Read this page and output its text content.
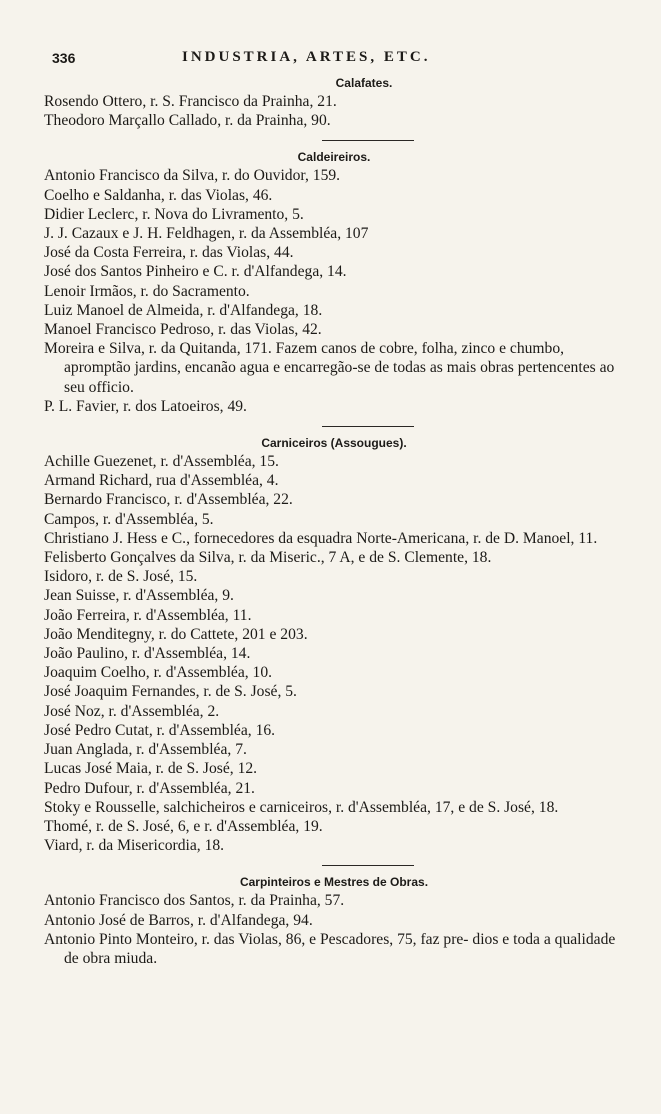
336	INDUSTRIA, ARTES, ETC.
Calafates.
Rosendo Ottero, r. S. Francisco da Prainha, 21.
Theodoro Marçallo Callado, r. da Prainha, 90.
Caldeireiros.
Antonio Francisco da Silva, r. do Ouvidor, 159.
Coelho e Saldanha, r. das Violas, 46.
Didier Leclerc, r. Nova do Livramento, 5.
J. J. Cazaux e J. H. Feldhagen, r. da Assembléa, 107
José da Costa Ferreira, r. das Violas, 44.
José dos Santos Pinheiro e C. r. d'Alfandega, 14.
Lenoir Irmãos, r. do Sacramento.
Luiz Manoel de Almeida, r. d'Alfandega, 18.
Manoel Francisco Pedroso, r. das Violas, 42.
Moreira e Silva, r. da Quitanda, 171. Fazem canos de cobre, folha, zinco e chumbo, apromptão jardins, encanão agua e encarregão-se de todas as mais obras pertencentes ao seu officio.
P. L. Favier, r. dos Latoeiros, 49.
Carniceiros (Assougues).
Achille Guezenet, r. d'Assembléa, 15.
Armand Richard, rua d'Assembléa, 4.
Bernardo Francisco, r. d'Assembléa, 22.
Campos, r. d'Assembléa, 5.
Christiano J. Hess e C., fornecedores da esquadra Norte-Americana, r. de D. Manoel, 11.
Felisberto Gonçalves da Silva, r. da Miseric., 7 A, e de S. Clemente, 18.
Isidoro, r. de S. José, 15.
Jean Suisse, r. d'Assembléa, 9.
João Ferreira, r. d'Assembléa, 11.
João Menditegny, r. do Cattete, 201 e 203.
João Paulino, r. d'Assembléa, 14.
Joaquim Coelho, r. d'Assembléa, 10.
José Joaquim Fernandes, r. de S. José, 5.
José Noz, r. d'Assembléa, 2.
José Pedro Cutat, r. d'Assembléa, 16.
Juan Anglada, r. d'Assembléa, 7.
Lucas José Maia, r. de S. José, 12.
Pedro Dufour, r. d'Assembléa, 21.
Stoky e Rousselle, salchicheiros e carniceiros, r. d'Assembléa, 17, e de S. José, 18.
Thomé, r. de S. José, 6, e r. d'Assembléa, 19.
Viard, r. da Misericordia, 18.
Carpinteiros e Mestres de Obras.
Antonio Francisco dos Santos, r. da Prainha, 57.
Antonio José de Barros, r. d'Alfandega, 94.
Antonio Pinto Monteiro, r. das Violas, 86, e Pescadores, 75, faz pre- dios e toda a qualidade de obra miuda.
